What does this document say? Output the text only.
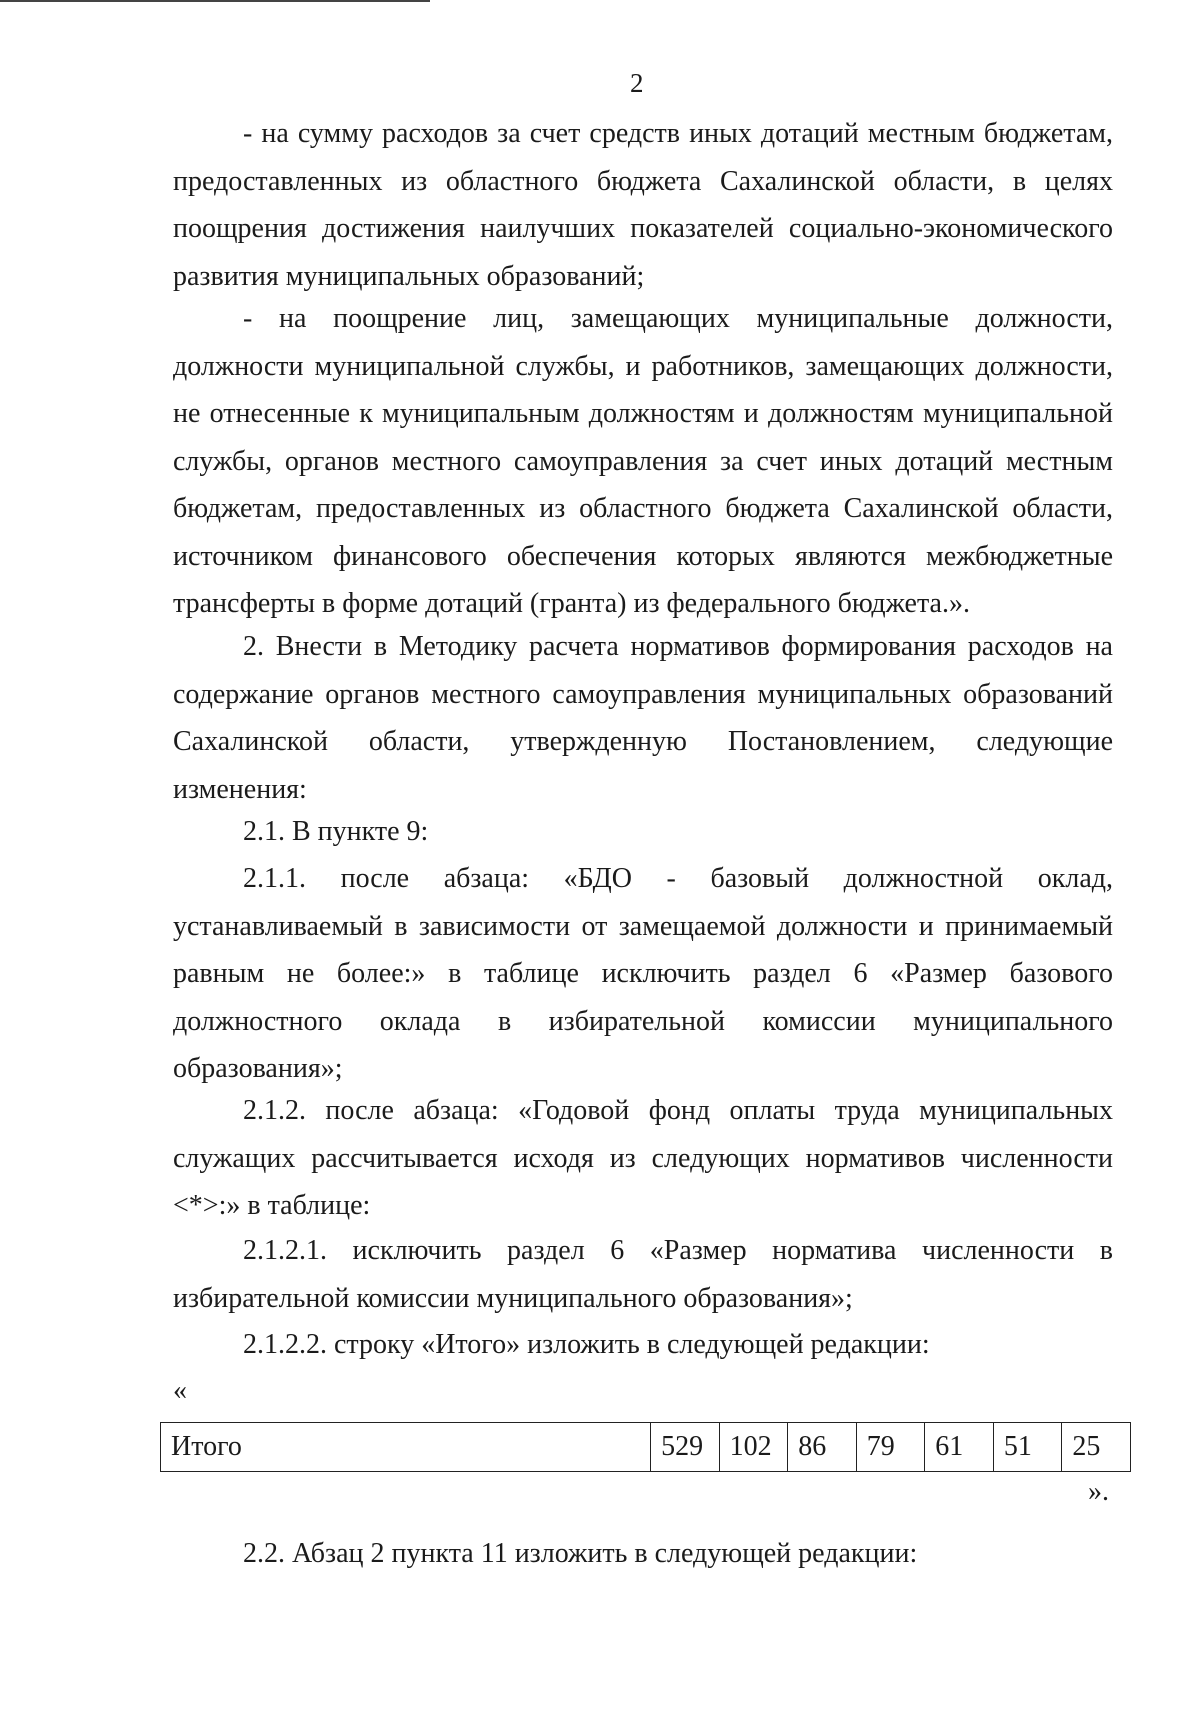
2

- на сумму расходов за счет средств иных дотаций местным бюджетам, предоставленных из областного бюджета Сахалинской области, в целях поощрения достижения наилучших показателей социально-экономического развития муниципальных образований;

- на поощрение лиц, замещающих муниципальные должности, должности муниципальной службы, и работников, замещающих должности, не отнесенные к муниципальным должностям и должностям муниципальной службы, органов местного самоуправления за счет иных дотаций местным бюджетам, предоставленных из областного бюджета Сахалинской области, источником финансового обеспечения которых являются межбюджетные трансферты в форме дотаций (гранта) из федерального бюджета.».

2. Внести в Методику расчета нормативов формирования расходов на содержание органов местного самоуправления муниципальных образований Сахалинской области, утвержденную Постановлением, следующие изменения:

2.1. В пункте 9:

2.1.1. после абзаца: «БДО - базовый должностной оклад, устанавливаемый в зависимости от замещаемой должности и принимаемый равным не более:» в таблице исключить раздел 6 «Размер базового должностного оклада в избирательной комиссии муниципального образования»;

2.1.2. после абзаца: «Годовой фонд оплаты труда муниципальных служащих рассчитывается исходя из следующих нормативов численности <*>:» в таблице:

2.1.2.1. исключить раздел 6 «Размер норматива численности в избирательной комиссии муниципального образования»;

2.1.2.2. строку «Итого» изложить в следующей редакции:

«
Итого	529	102	86	79	61	51	25
».
2.2. Абзац 2 пункта 11 изложить в следующей редакции:
